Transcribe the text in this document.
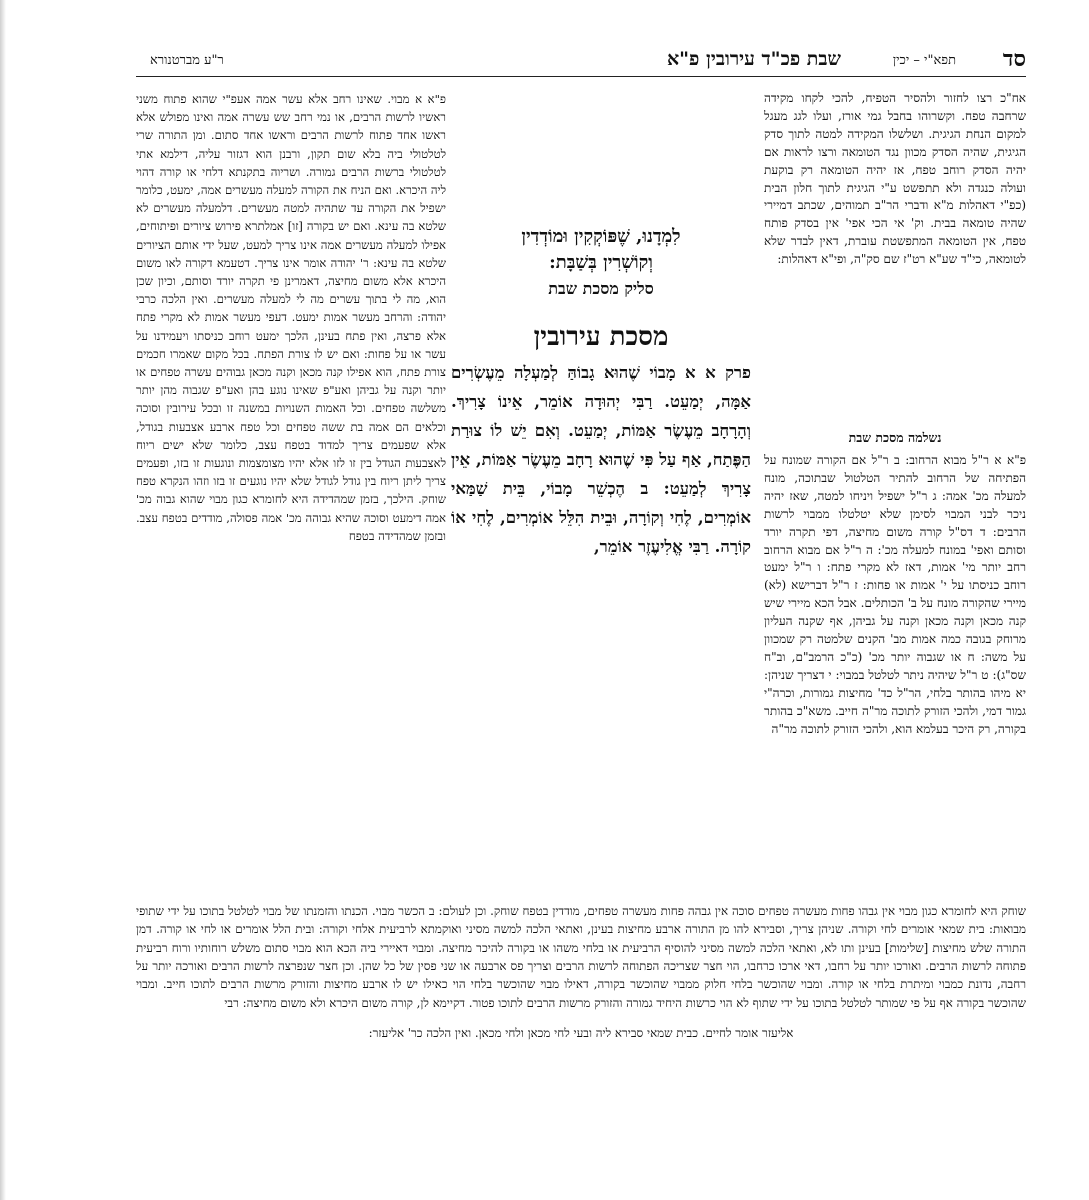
סד
תפא"י – יכין
שבת פכ"ד עירובין פ"א
ר"ע מברטנורא

אח"כ רצו לחזור ולהסיר הטפיח, להכי לקחו מקידה שרחבה טפח. וקשרוהו בחבל גמי אורז, ועלו לגג מעגל למקום הנחת הגיגית. ושלשלו המקידה למטה לתוך סדק הגיגית, שהיה הסדק מכוון נגד הטומאה ורצו לראות אם יהיה הסדק רוחב טפח, אז יהיה הטומאה רק בוקעת ועולה כנגדה ולא תתפשט ע"י הגיגית לתוך חלון הבית (כפ"י דאהלות מ"א ודברי הר"ב תמוהים, שכתב דמיירי שהיה טומאה בבית. וק' אי הכי אפי' אין בסדק פותח טפח, אין הטומאה המתפשטת עוברת, דאין לבדר שלא לטומאה, כי"ד שע"א רט"ז שם סק"ה, ופי"א דאהלות:

נשלמה מסכת שבת

פ"א א ר"ל מבוא הרחוב: ב ר"ל אם הקורה שמונח על הפתיחה של הרחוב להתיר הטלטול שבתוכה, מונח למעלה מכ' אמה: ג ר"ל ישפיל ויניחו למטה, שאז יהיה ניכר לבני המבוי לסימן שלא יטלטלו ממבוי לרשות הרבים: ד דס"ל קורה משום מחיצה, דפי תקרה יורד וסותם ואפי' במונח למעלה מכ': ה ר"ל אם מבוא הרחוב רחב יותר מי' אמות, דאז לא מקרי פתח: ו ר"ל ימעט רוחב כניסתו על י' אמות או פחות: ז ר"ל דברישא (לא) מיירי שהקורה מונח על ב' הכותלים. אבל הכא מיירי שיש קנה מכאן וקנה מכאן וקנה על גביהן, אף שקנה העליון מרוחק בגובה כמה אמות מב' הקנים שלמטה רק שמכוון על משה: ח או שגבוה יותר מכ' (כ"כ הרמב"ם, וב"ח שס"ג): ט ר"ל שיהיה ניתר לטלטל במבוי: י דצריך שניהן: יא מיהו בהותר בלחי, הר"ל כד' מחיצות גמורות, וכרה"י גמור דמי, ולהכי הזורק לתוכה מר"ה חייב. משא"כ בהותר בקורה, רק היכר בעלמא הוא, ולהכי הזורק לתוכה מר"ה

פ"א א מבוי. שאינו רחב אלא עשר אמה אעפ"י שהוא פתוח משני ראשיו לרשות הרבים, או נמי רחב שש עשרה אמה ואינו מפולש אלא ראשו אחד פתוח לרשות הרבים וראשו אחד סתום. ומן התורה שרי לטלטולי ביה בלא שום תקון, ורבנן הוא דגזור עליה, דילמא אתי לטלטולי ברשות הרבים גמורה. ושריוה בתקנתא דלחי או קורה דהוי ליה היכרא. ואם הניח את הקורה למעלה מעשרים אמה, ימעט, כלומר ישפיל את הקורה עד שתהיה למטה מעשרים. דלמעלה מעשרים לא שלטא בה עינא. ואם יש בקורה [זו] אמלתרא פירוש ציורים ופיתוחים, אפילו למעלה מעשרים אמה אינו צריך למעט, שעל ידי אותם הציורים שלטא בה עינא: ר' יהודה אומר אינו צריך. דטעמא דקורה לאו משום היכרא אלא משום מחיצה, דאמרינן פי תקרה יורד וסותם, וכיון שכן הוא, מה לי בתוך עשרים מה לי למעלה מעשרים. ואין הלכה כרבי יהודה: והרחב מעשר אמות ימעט. דעפי מעשר אמות לא מקרי פתח אלא פרצה, ואין פתח בעינן, הלכך ימעט רוחב כניסתו ויעמידנו על עשר או על פחות: ואם יש לו צורת הפתח. בכל מקום שאמרו חכמים צורת פתח, הוא אפילו קנה מכאן וקנה מכאן גבוהים עשרה טפחים או יותר וקנה על גביהן ואע"פ שאינו נוגע בהן ואע"פ שגבוה מהן יותר משלשה טפחים. וכל האמות השנויות במשנה זו ובכל עירובין וסוכה וכלאים הם אמה בת ששה טפחים וכל טפח ארבע אצבעות בגודל, אלא שפעמים צריך למדוד בטפח עצב, כלומר שלא ישים ריוח לאצבעות הגודל בין זו לזו אלא יהיו מצומצמות ונוגעות זו בזו, ופעמים צריך ליתן ריוח בין גודל לגודל שלא יהיו נוגעים זו בזו וזהו הנקרא טפח שוחק. הילכך, בזמן שמהדידה היא לחומרא כגון מבוי שהוא גבוה מכ' אמה דימעט וסוכה שהיא גבוהה מכ' אמה פסולה, מודדים בטפח עצב. ובזמן שמהדידה בטפח

לִמְדָנוּ, שֶׁפּוֹקְקִין וּמוֹדְדִין
וְקוֹשְׁרִין בְּשַׁבָּת:
סליק מסכת שבת
מסכת עירובין
פרק א א מָבוֹי שֶׁהוּא גָבוֹהַּ לְמַעְלָה מֵעֶשְׂרִים אַמָּה, יְמַעֵט. רַבִּי יְהוּדָה אוֹמֵר, אֵינוֹ צָרִיךְ. וְהָרָחָב מֵעֶשֶׂר אַמּוֹת, יְמַעֵט. וְאִם יֵשׁ לוֹ צוּרַת הַפֶּתַח, אַף עַל פִּי שֶׁהוּא רָחָב מֵעֶשֶׂר אַמּוֹת, אֵין צָרִיךְ לְמַעֵט: ב הֶכְשֵׁר מָבוֹי, בֵּית שַׁמַּאי אוֹמְרִים, לֶחִי וְקוֹרָה, וּבֵית הִלֵּל אוֹמְרִים, לֶחִי אוֹ קוֹרָה. רַבִּי אֱלִיעֶזֶר אוֹמֵר,

שוחק היא לחומרא כגון מבוי אין גבהו פחות מעשרה טפחים סוכה אין גבהה פחות מעשרה טפחים, מודדין בטפח שוחק. וכן לעולם: ב הכשר מבוי. הכנתו והזמנתו של מבוי לטלטל בתוכו על ידי שתופי מבואות: בית שמאי אומרים לחי וקורה. שניהן צריך, וסבירא להו מן התורה ארבע מחיצות בעינן, ואתאי הלכה למשה מסיני ואוקמתא לרביעית אלחי וקורה: ובית הלל אומרים או לחי או קורה. דמן התורה שלש מחיצות [שלימות] בעינן ותו לא, ואתאי הלכה למשה מסיני להוסיף הרביעית או בלחי משהו או בקורה להיכר מחיצה. ומבוי דאיירי ביה הכא הוא מבוי סתום משלש רוחותיו ורוח רביעית פתוחה לרשות הרבים. ואורכו יותר על רחבו, דאי ארכו כרחבו, הוי חצר שצריכה הפתוחה לרשות הרבים וצריך פס ארבעה או שני פסין של כל שהן. וכן חצר שנפרצה לרשות הרבים ואורכה יותר על רחבה, נדונת כמבוי ומיתרת בלחי או קורה. ומבוי שהוכשר בלחי חלוק ממבוי שהוכשר בקורה, דאילו מבוי שהוכשר בלחי הוי כאילו יש לו ארבע מחיצות והזורק מרשות הרבים לתוכו חייב. ומבוי שהוכשר בקורה אף על פי שמותר לטלטל בתוכו על ידי שתוף לא הוי כרשות היחיד גמורה והזורק מרשות הרבים לתוכו פטור. דקיימא לן, קורה משום היכרא ולא משום מחיצה: רבי

אליעזר אומר לחיים. כבית שמאי סבירא ליה ובעי לחי מכאן ולחי מכאן. ואין הלכה כר' אליעזר:
